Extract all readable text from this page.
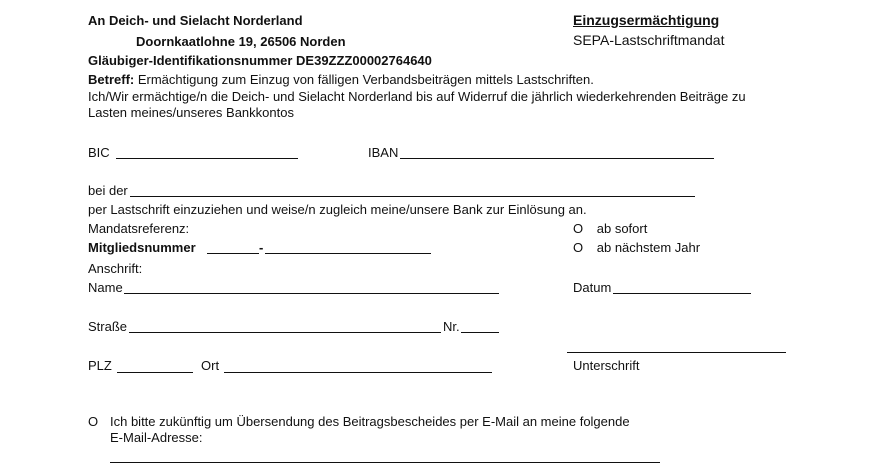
An Deich- und Sielacht Norderland
Doornkaatlohne 19, 26506 Norden
Gläubiger-Identifikationsnummer DE39ZZZ00002764640
Einzugsermächtigung
SEPA-Lastschriftmandat
Betreff: Ermächtigung zum Einzug von fälligen Verbandsbeiträgen mittels Lastschriften.
Ich/Wir ermächtige/n die Deich- und Sielacht Norderland bis auf Widerruf die jährlich wiederkehrenden Beiträge zu
Lasten meines/unseres Bankkontos
BIC	IBAN
bei der
per Lastschrift einzuziehen und weise/n zugleich meine/unsere Bank zur Einlösung an.
Mandatsreferenz:	O ab sofort
Mitgliedsnummer	-	O ab nächstem Jahr
Anschrift:
Name	Datum
Straße	Nr.
PLZ	Ort	Unterschrift
O Ich bitte zukünftig um Übersendung des Beitragsbescheides per E-Mail an meine folgende
E-Mail-Adresse:
